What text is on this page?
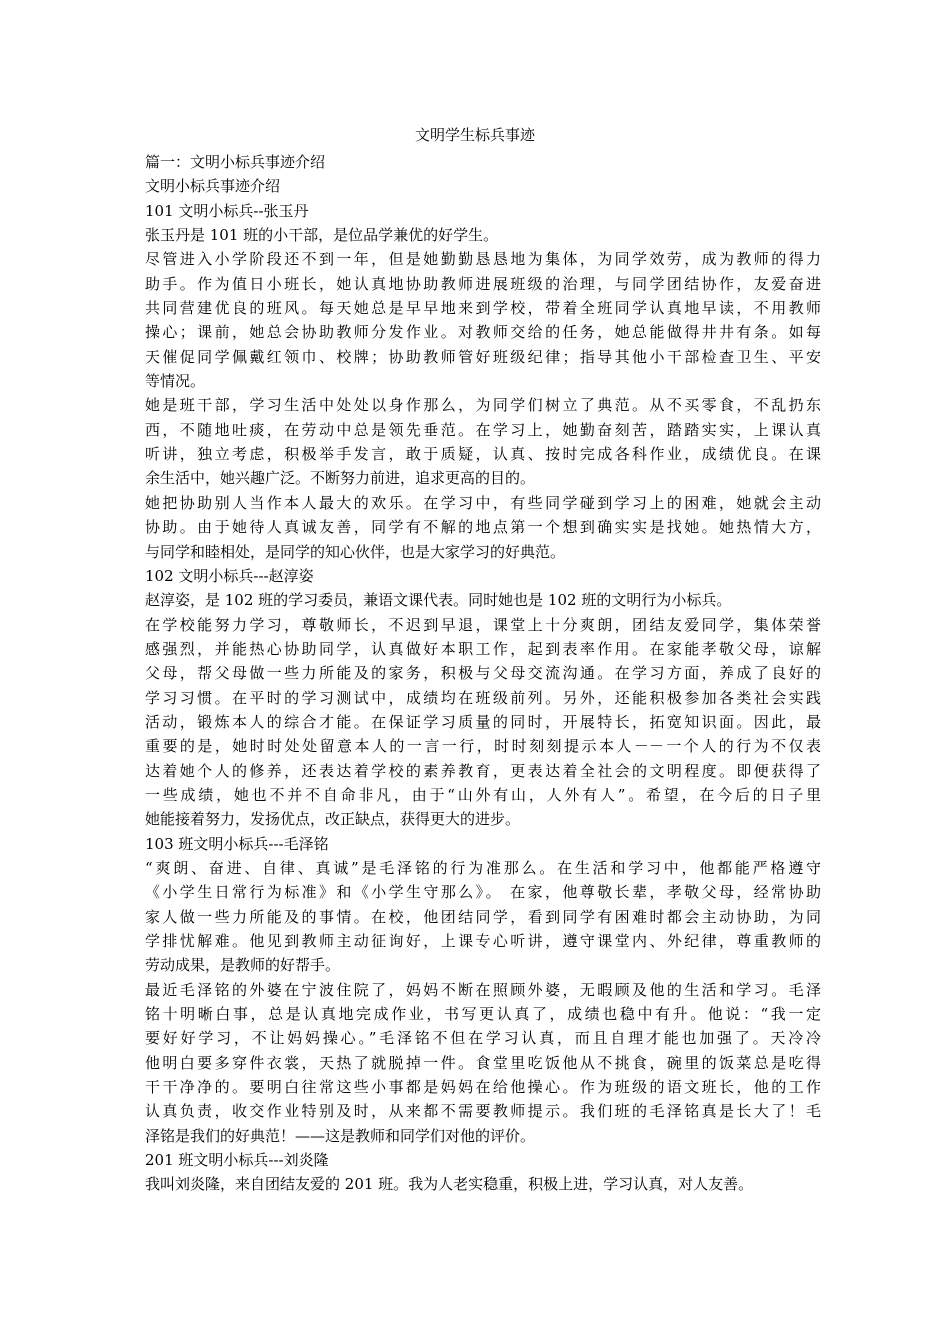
文明学生标兵事迹
篇一：文明小标兵事迹介绍
文明小标兵事迹介绍
101 文明小标兵--张玉丹
张玉丹是 101 班的小干部，是位品学兼优的好学生。
尽管进入小学阶段还不到一年，但是她勤勤恳恳地为集体，为同学效劳，成为教师的得力
助手。作为值日小班长，她认真地协助教师进展班级的治理，与同学团结协作，友爱奋进
共同营建优良的班风。每天她总是早早地来到学校，带着全班同学认真地早读，不用教师
操心；课前，她总会协助教师分发作业。对教师交给的任务，她总能做得井井有条。如每
天催促同学佩戴红领巾、校牌；协助教师管好班级纪律；指导其他小干部检查卫生、平安
等情况。
她是班干部，学习生活中处处以身作那么，为同学们树立了典范。从不买零食，不乱扔东
西，不随地吐痰，在劳动中总是领先垂范。在学习上，她勤奋刻苦，踏踏实实，上课认真
听讲，独立考虑，积极举手发言，敢于质疑，认真、按时完成各科作业，成绩优良。在课
余生活中，她兴趣广泛。不断努力前进，追求更高的目的。
她把协助别人当作本人最大的欢乐。在学习中，有些同学碰到学习上的困难，她就会主动
协助。由于她待人真诚友善，同学有不解的地点第一个想到确实实是找她。她热情大方，
与同学和睦相处，是同学的知心伙伴，也是大家学习的好典范。
102 文明小标兵---赵淳姿
赵淳姿，是 102 班的学习委员，兼语文课代表。同时她也是 102 班的文明行为小标兵。
在学校能努力学习，尊敬师长，不迟到早退，课堂上十分爽朗，团结友爱同学，集体荣誉
感强烈，并能热心协助同学，认真做好本职工作，起到表率作用。在家能孝敬父母，谅解
父母，帮父母做一些力所能及的家务，积极与父母交流沟通。在学习方面，养成了良好的
学习习惯。在平时的学习测试中，成绩均在班级前列。另外，还能积极参加各类社会实践
活动，锻炼本人的综合才能。在保证学习质量的同时，开展特长，拓宽知识面。因此，最
重要的是，她时时处处留意本人的一言一行，时时刻刻提示本人－－一个人的行为不仅表
达着她个人的修养，还表达着学校的素养教育，更表达着全社会的文明程度。即便获得了
一些成绩，她也不并不自命非凡，由于“山外有山，人外有人”。希望，在今后的日子里
她能接着努力，发扬优点，改正缺点，获得更大的进步。
103 班文明小标兵---毛泽铭
“爽朗、奋进、自律、真诚”是毛泽铭的行为准那么。在生活和学习中，他都能严格遵守
《小学生日常行为标准》和《小学生守那么》。 在家，他尊敬长辈，孝敬父母，经常协助
家人做一些力所能及的事情。在校，他团结同学，看到同学有困难时都会主动协助，为同
学排忧解难。他见到教师主动征询好，上课专心听讲，遵守课堂内、外纪律，尊重教师的
劳动成果，是教师的好帮手。
最近毛泽铭的外婆在宁波住院了，妈妈不断在照顾外婆，无暇顾及他的生活和学习。毛泽
铭十明晰白事，总是认真地完成作业，书写更认真了，成绩也稳中有升。他说：“我一定
要好好学习，不让妈妈操心。”毛泽铭不但在学习认真，而且自理才能也加强了。天冷冷
他明白要多穿件衣裳，天热了就脱掉一件。食堂里吃饭他从不挑食，碗里的饭菜总是吃得
干干净净的。要明白往常这些小事都是妈妈在给他操心。作为班级的语文班长，他的工作
认真负责，收交作业特别及时，从来都不需要教师提示。我们班的毛泽铭真是长大了！毛
泽铭是我们的好典范！——这是教师和同学们对他的评价。
201 班文明小标兵---刘炎隆
我叫刘炎隆，来自团结友爱的 201 班。我为人老实稳重，积极上进，学习认真，对人友善。
